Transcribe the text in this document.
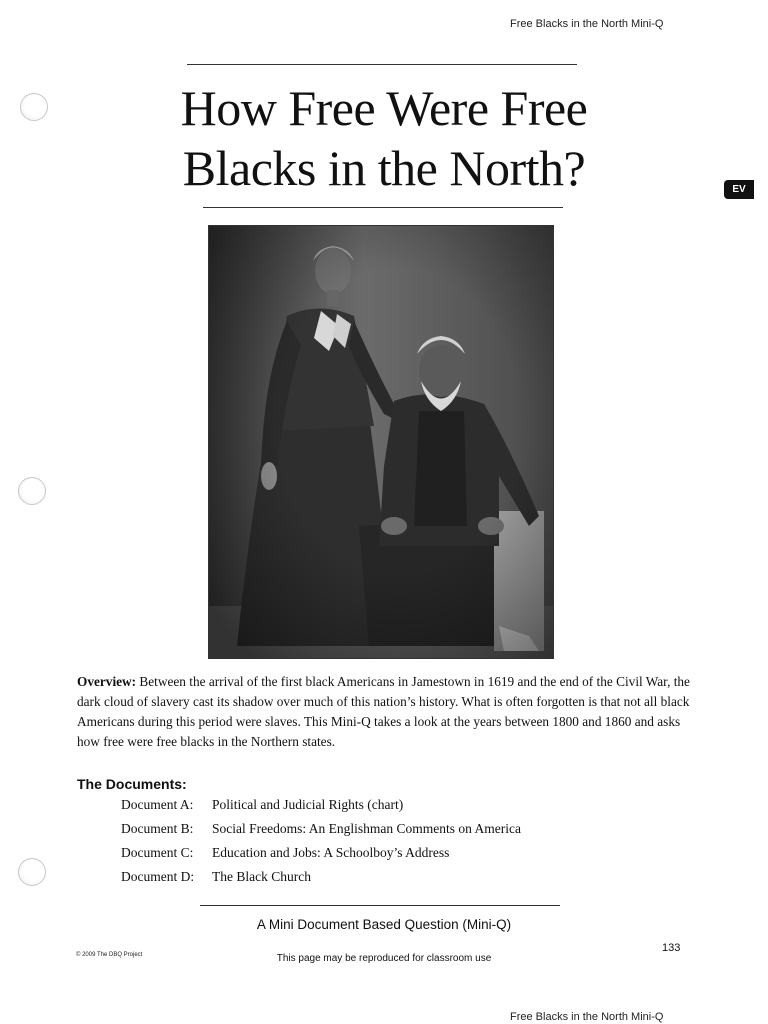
Free Blacks in the North Mini-Q
How Free Were Free
Blacks in the North?	EV
Overview: Between the arrival of the first black Americans in Jamestown in 1619 and the end of the Civil War, the dark cloud of slavery cast its shadow over much of this nation’s history. What is often forgotten is that not all black Americans during this period were slaves. This Mini-Q takes a look at the years between 1800 and 1860 and asks how free were free blacks in the Northern states.
The Documents:
Document A: Political and Judicial Rights (chart)
Document B: Social Freedoms: An Englishman Comments on America
Document C: Education and Jobs: A Schoolboy’s Address
Document D: The Black Church
A Mini Document Based Question (Mini-Q)
133
© 2009 The DBQ Project	This page may be reproduced for classroom use
Free Blacks in the North Mini-Q
